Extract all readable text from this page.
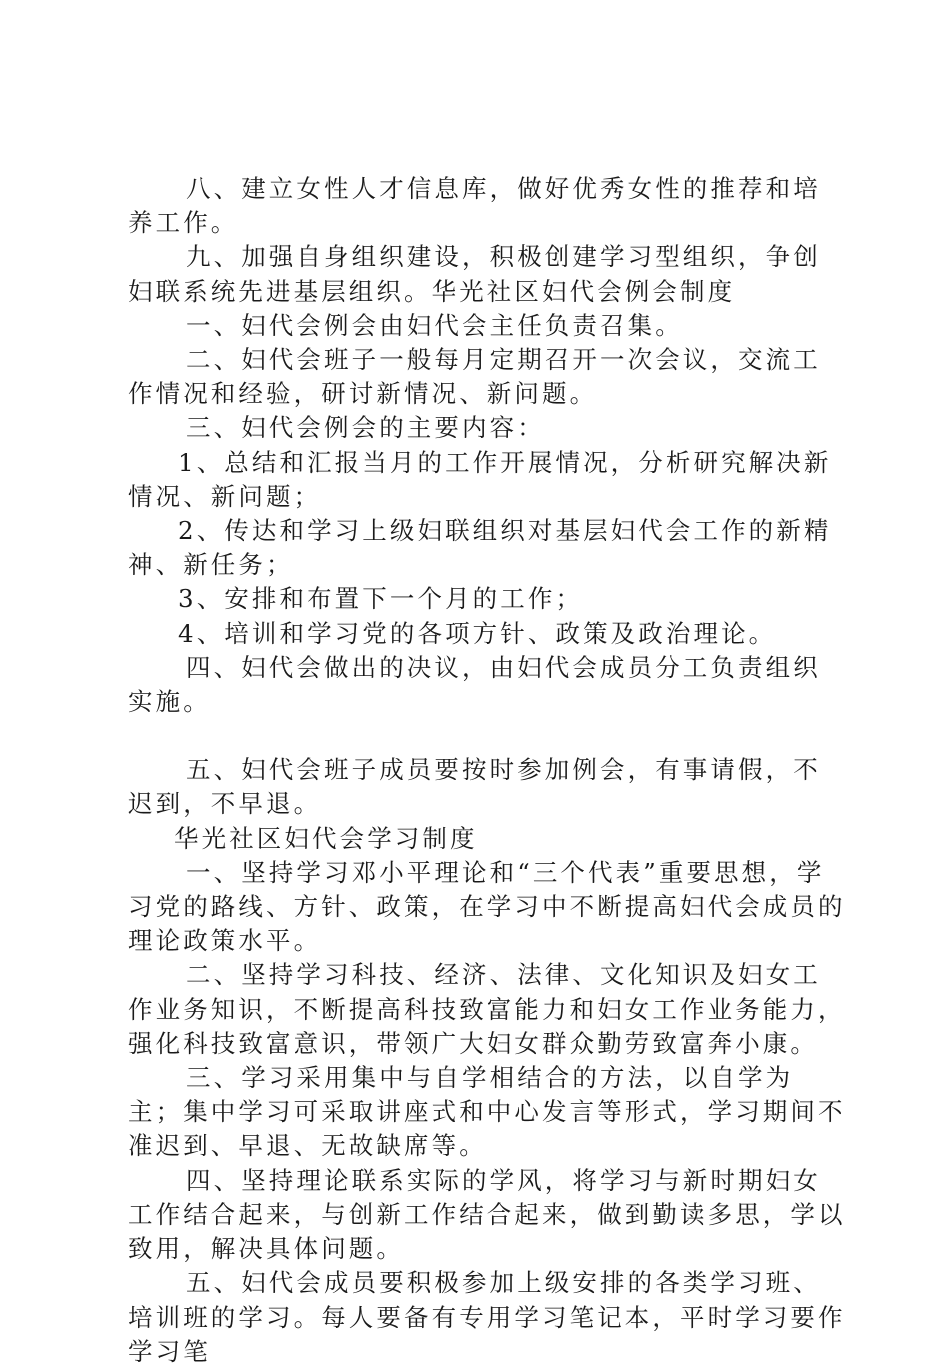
八、建立女性人才信息库，做好优秀女性的推荐和培养工作。

九、加强自身组织建设，积极创建学习型组织，争创妇联系统先进基层组织。华光社区妇代会例会制度

一、妇代会例会由妇代会主任负责召集。

二、妇代会班子一般每月定期召开一次会议，交流工作情况和经验，研讨新情况、新问题。

三、妇代会例会的主要内容：

1、总结和汇报当月的工作开展情况，分析研究解决新情况、新问题；

2、传达和学习上级妇联组织对基层妇代会工作的新精神、新任务；

3、安排和布置下一个月的工作；

4、培训和学习党的各项方针、政策及政治理论。

四、妇代会做出的决议，由妇代会成员分工负责组织实施。

五、妇代会班子成员要按时参加例会，有事请假，不迟到，不早退。

华光社区妇代会学习制度

一、坚持学习邓小平理论和“三个代表”重要思想，学习党的路线、方针、政策，在学习中不断提高妇代会成员的理论政策水平。

二、坚持学习科技、经济、法律、文化知识及妇女工作业务知识，不断提高科技致富能力和妇女工作业务能力，强化科技致富意识，带领广大妇女群众勤劳致富奔小康。

三、学习采用集中与自学相结合的方法，以自学为主；集中学习可采取讲座式和中心发言等形式，学习期间不准迟到、早退、无故缺席等。

四、坚持理论联系实际的学风，将学习与新时期妇女工作结合起来，与创新工作结合起来，做到勤读多思，学以致用，解决具体问题。

五、妇代会成员要积极参加上级安排的各类学习班、培训班的学习。每人要备有专用学习笔记本，平时学习要作学习笔
